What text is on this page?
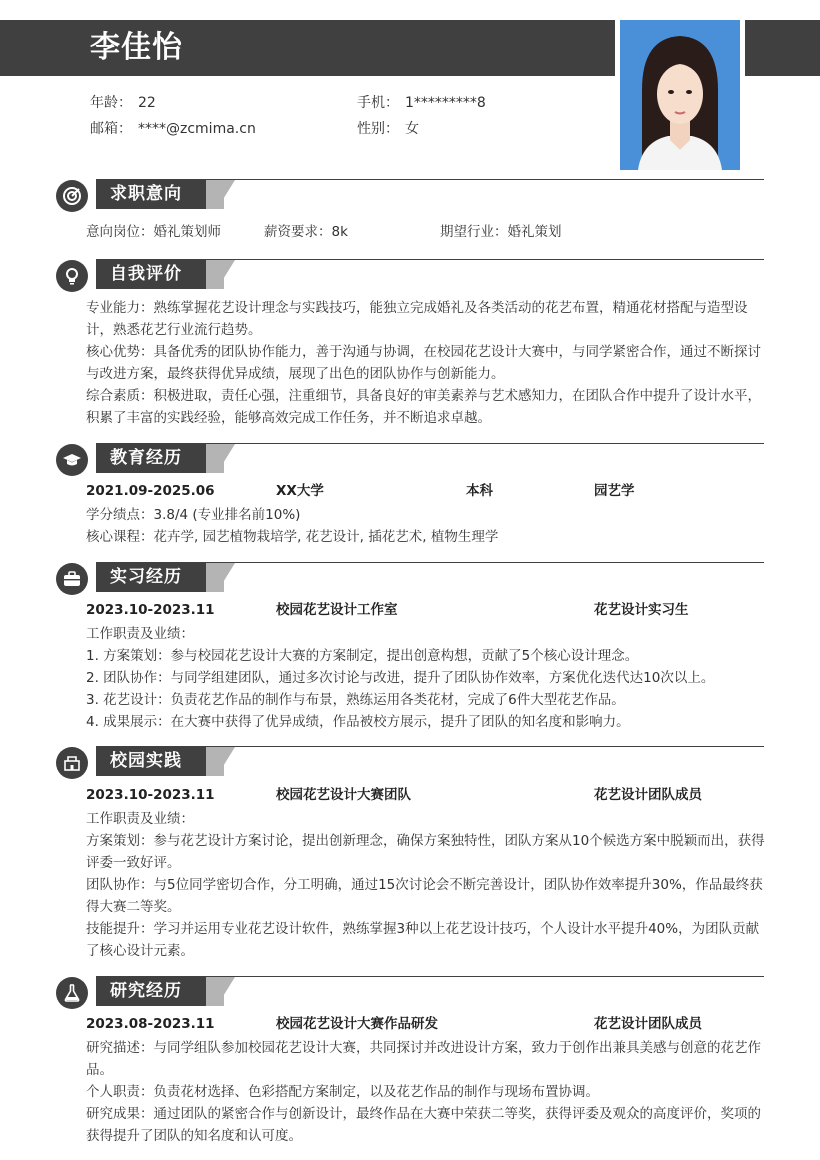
李佳怡
年龄： 22	手机： 1*********8
邮箱： ****@zcmima.cn	性别： 女
求职意向
意向岗位：婚礼策划师	薪资要求：8k	期望行业：婚礼策划
自我评价
专业能力：熟练掌握花艺设计理念与实践技巧，能独立完成婚礼及各类活动的花艺布置，精通花材搭配与造型设计，熟悉花艺行业流行趋势。
核心优势：具备优秀的团队协作能力，善于沟通与协调，在校园花艺设计大赛中，与同学紧密合作，通过不断探讨与改进方案，最终获得优异成绩，展现了出色的团队协作与创新能力。
综合素质：积极进取，责任心强，注重细节，具备良好的审美素养与艺术感知力，在团队合作中提升了设计水平，积累了丰富的实践经验，能够高效完成工作任务，并不断追求卓越。
教育经历
2021.09-2025.06	XX大学	本科	园艺学
学分绩点：3.8/4 (专业排名前10%)
核心课程：花卉学, 园艺植物栽培学, 花艺设计, 插花艺术, 植物生理学
实习经历
2023.10-2023.11	校园花艺设计工作室	花艺设计实习生
工作职责及业绩：
1. 方案策划：参与校园花艺设计大赛的方案制定，提出创意构想，贡献了5个核心设计理念。
2. 团队协作：与同学组建团队，通过多次讨论与改进，提升了团队协作效率，方案优化迭代达10次以上。
3. 花艺设计：负责花艺作品的制作与布景，熟练运用各类花材，完成了6件大型花艺作品。
4. 成果展示：在大赛中获得了优异成绩，作品被校方展示，提升了团队的知名度和影响力。
校园实践
2023.10-2023.11	校园花艺设计大赛团队	花艺设计团队成员
工作职责及业绩：
方案策划：参与花艺设计方案讨论，提出创新理念，确保方案独特性，团队方案从10个候选方案中脱颖而出，获得评委一致好评。
团队协作：与5位同学密切合作，分工明确，通过15次讨论会不断完善设计，团队协作效率提升30%，作品最终获得大赛二等奖。
技能提升：学习并运用专业花艺设计软件，熟练掌握3种以上花艺设计技巧，个人设计水平提升40%，为团队贡献了核心设计元素。
研究经历
2023.08-2023.11	校园花艺设计大赛作品研发	花艺设计团队成员
研究描述：与同学组队参加校园花艺设计大赛，共同探讨并改进设计方案，致力于创作出兼具美感与创意的花艺作品。
个人职责：负责花材选择、色彩搭配方案制定，以及花艺作品的制作与现场布置协调。
研究成果：通过团队的紧密合作与创新设计，最终作品在大赛中荣获二等奖，获得评委及观众的高度评价，奖项的获得提升了团队的知名度和认可度。
